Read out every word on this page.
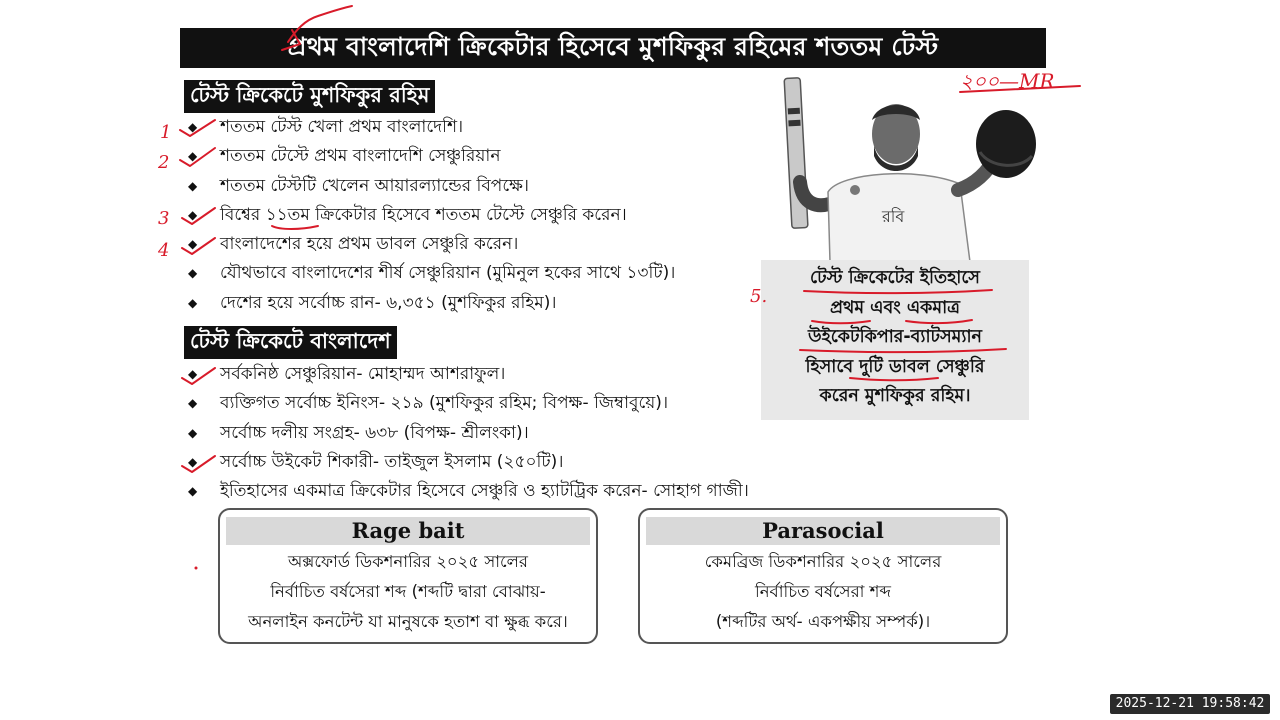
প্রথম বাংলাদেশি ক্রিকেটার হিসেবে মুশফিকুর রহিমের শততম টেস্ট
টেস্ট ক্রিকেটে মুশফিকুর রহিম
◆ শততম টেস্ট খেলা প্রথম বাংলাদেশি।
◆ শততম টেস্টে প্রথম বাংলাদেশি সেঞ্চুরিয়ান
◆ শততম টেস্টটি খেলেন আয়ারল্যান্ডের বিপক্ষে।
◆ বিশ্বের ১১তম ক্রিকেটার হিসেবে শততম টেস্টে সেঞ্চুরি করেন।
◆ বাংলাদেশের হয়ে প্রথম ডাবল সেঞ্চুরি করেন।
◆ যৌথভাবে বাংলাদেশের শীর্ষ সেঞ্চুরিয়ান (মুমিনুল হকের সাথে ১৩টি)।
◆ দেশের হয়ে সর্বোচ্চ রান- ৬,৩৫১ (মুশফিকুর রহিম)।
টেস্ট ক্রিকেটে বাংলাদেশ
◆ সর্বকনিষ্ঠ সেঞ্চুরিয়ান- মোহাম্মদ আশরাফুল।
◆ ব্যক্তিগত সর্বোচ্চ ইনিংস- ২১৯ (মুশফিকুর রহিম; বিপক্ষ- জিম্বাবুয়ে)।
◆ সর্বোচ্চ দলীয় সংগ্রহ- ৬৩৮ (বিপক্ষ- শ্রীলংকা)।
◆ সর্বোচ্চ উইকেট শিকারী- তাইজুল ইসলাম (২৫০টি)।
◆ ইতিহাসের একমাত্র ক্রিকেটার হিসেবে সেঞ্চুরি ও হ্যাটট্রিক করেন- সোহাগ গাজী।
রবি
টেস্ট ক্রিকেটের ইতিহাসে
প্রথম এবং একমাত্র
উইকেটকিপার-ব্যাটসম্যান
হিসাবে দুটি ডাবল সেঞ্চুরি
করেন মুশফিকুর রহিম।
Rage bait
অক্সফোর্ড ডিকশনারির ২০২৫ সালের
নির্বাচিত বর্ষসেরা শব্দ (শব্দটি দ্বারা বোঝায়-
অনলাইন কনটেন্ট যা মানুষকে হতাশ বা ক্ষুব্ধ করে।
Parasocial
কেমব্রিজ ডিকশনারির ২০২৫ সালের
নির্বাচিত বর্ষসেরা শব্দ
(শব্দটির অর্থ- একপক্ষীয় সম্পর্ক)।
1
2
3
4
5.
২০০—MR
2025-12-21 19:58:42
